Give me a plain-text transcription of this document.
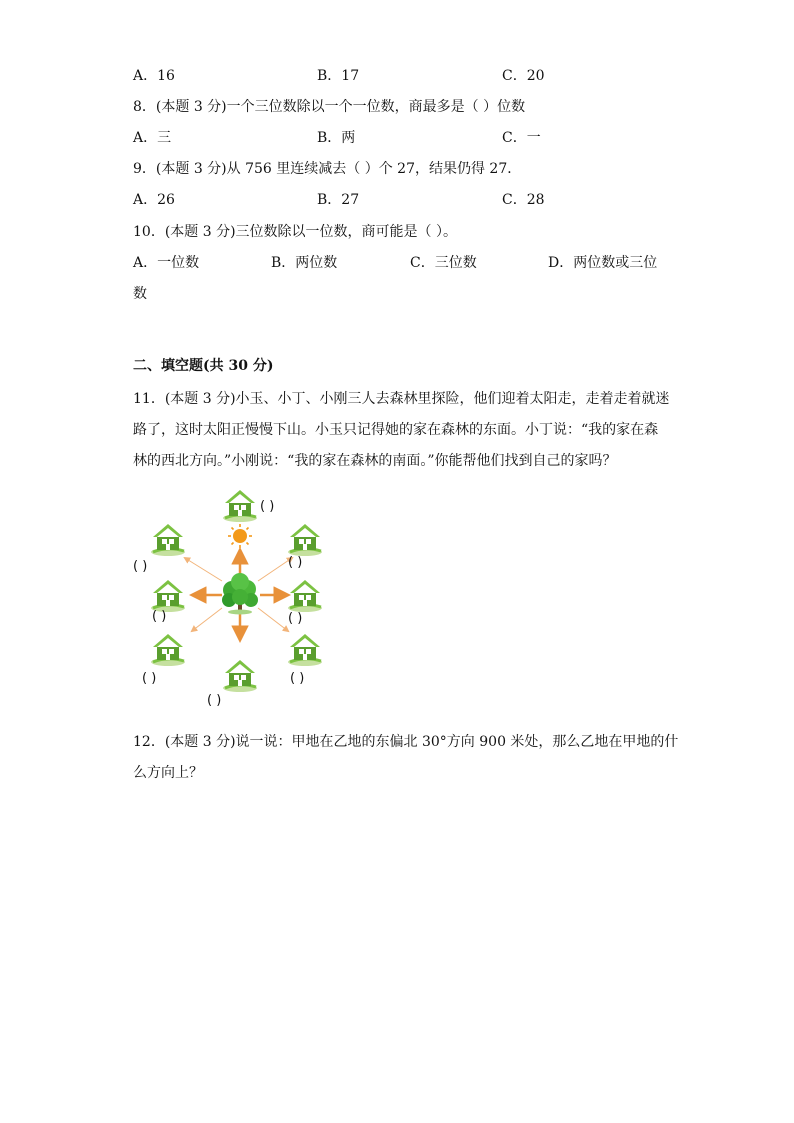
A．16	B．17	C．20
8．(本题 3 分)一个三位数除以一个一位数，商最多是（ ）位数
A．三	B．两	C．一
9．(本题 3 分)从 756 里连续减去（ ）个 27，结果仍得 27．
A．26	B．27	C．28
10．(本题 3 分)三位数除以一位数，商可能是（ ）。
A．一位数	B．两位数	C．三位数	D．两位数或三位
数
二、填空题(共 30 分)
11．(本题 3 分)小玉、小丁、小刚三人去森林里探险，他们迎着太阳走，走着走着就迷
路了，这时太阳正慢慢下山。小玉只记得她的家在森林的东面。小丁说：“我的家在森
林的西北方向。”小刚说：“我的家在森林的南面。”你能帮他们找到自己的家吗？
( )
( )	( )
( )	( )
( )	( )
( )
12．(本题 3 分)说一说：甲地在乙地的东偏北 30°方向 900 米处，那么乙地在甲地的什
么方向上？
